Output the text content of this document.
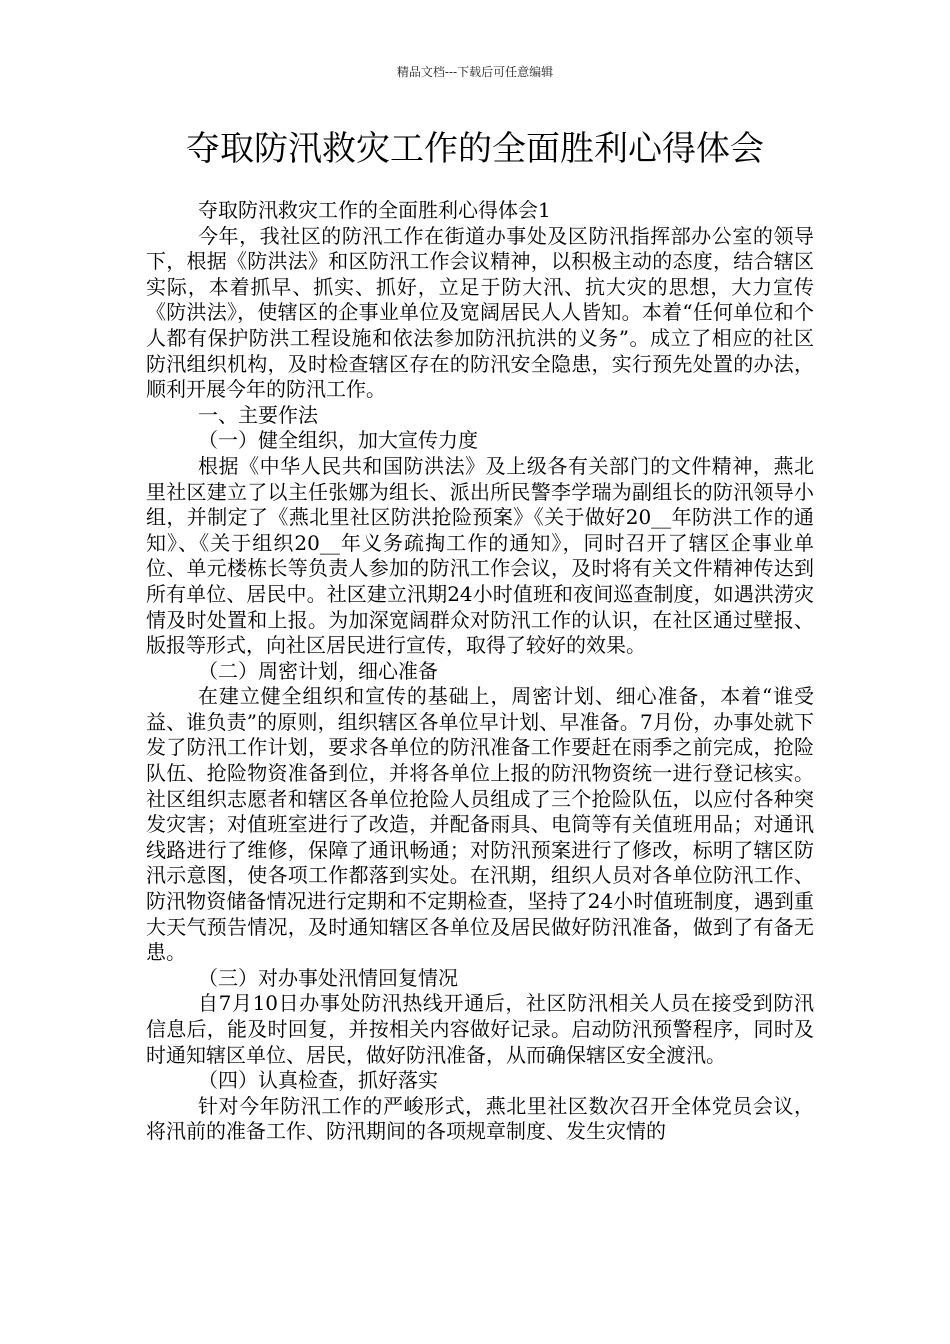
精品文档---下载后可任意编辑
夺取防汛救灾工作的全面胜利心得体会

夺取防汛救灾工作的全面胜利心得体会1

今年，我社区的防汛工作在街道办事处及区防汛指挥部办公室的领导下，根据《防洪法》和区防汛工作会议精神，以积极主动的态度，结合辖区实际，本着抓早、抓实、抓好，立足于防大汛、抗大灾的思想，大力宣传《防洪法》，使辖区的企事业单位及宽阔居民人人皆知。本着“任何单位和个人都有保护防洪工程设施和依法参加防汛抗洪的义务”。成立了相应的社区防汛组织机构，及时检查辖区存在的防汛安全隐患，实行预先处置的办法，顺利开展今年的防汛工作。

一、主要作法

（一）健全组织，加大宣传力度

根据《中华人民共和国防洪法》及上级各有关部门的文件精神，燕北里社区建立了以主任张娜为组长、派出所民警李学瑞为副组长的防汛领导小组，并制定了《燕北里社区防洪抢险预案》《关于做好20__年防洪工作的通知》、《关于组织20__年义务疏掏工作的通知》，同时召开了辖区企事业单位、单元楼栋长等负责人参加的防汛工作会议，及时将有关文件精神传达到所有单位、居民中。社区建立汛期24小时值班和夜间巡查制度，如遇洪涝灾情及时处置和上报。为加深宽阔群众对防汛工作的认识，在社区通过壁报、版报等形式，向社区居民进行宣传，取得了较好的效果。

（二）周密计划，细心准备

在建立健全组织和宣传的基础上，周密计划、细心准备，本着“谁受益、谁负责”的原则，组织辖区各单位早计划、早准备。7月份，办事处就下发了防汛工作计划，要求各单位的防汛准备工作要赶在雨季之前完成，抢险队伍、抢险物资准备到位，并将各单位上报的防汛物资统一进行登记核实。社区组织志愿者和辖区各单位抢险人员组成了三个抢险队伍，以应付各种突发灾害；对值班室进行了改造，并配备雨具、电筒等有关值班用品；对通讯线路进行了维修，保障了通讯畅通；对防汛预案进行了修改，标明了辖区防汛示意图，使各项工作都落到实处。在汛期，组织人员对各单位防汛工作、防汛物资储备情况进行定期和不定期检查，坚持了24小时值班制度，遇到重大天气预告情况，及时通知辖区各单位及居民做好防汛准备，做到了有备无患。

（三）对办事处汛情回复情况

自7月10日办事处防汛热线开通后，社区防汛相关人员在接受到防汛信息后，能及时回复，并按相关内容做好记录。启动防汛预警程序，同时及时通知辖区单位、居民，做好防汛准备，从而确保辖区安全渡汛。

（四）认真检查，抓好落实

针对今年防汛工作的严峻形式，燕北里社区数次召开全体党员会议，将汛前的准备工作、防汛期间的各项规章制度、发生灾情的
